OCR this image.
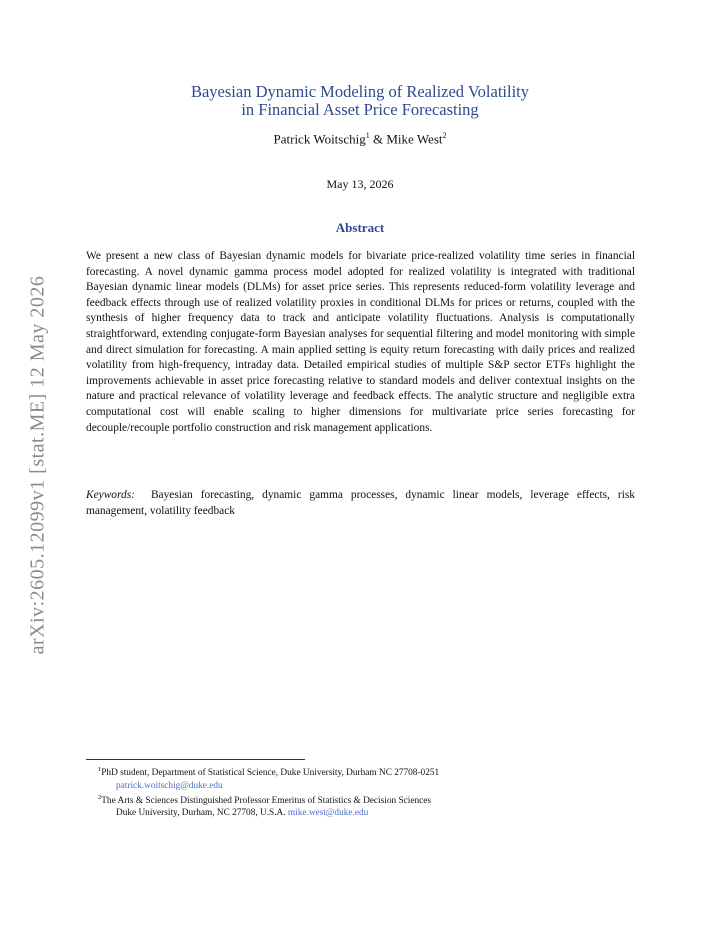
arXiv:2605.12099v1 [stat.ME] 12 May 2026
Bayesian Dynamic Modeling of Realized Volatility
in Financial Asset Price Forecasting
Patrick Woitschig$^1$ & Mike West$^2$
May 13, 2026
Abstract
We present a new class of Bayesian dynamic models for bivariate price-realized volatility time series in financial forecasting. A novel dynamic gamma process model adopted for realized volatility is integrated with traditional Bayesian dynamic linear models (DLMs) for asset price series. This represents reduced-form volatility leverage and feedback effects through use of realized volatility proxies in conditional DLMs for prices or returns, coupled with the synthesis of higher frequency data to track and anticipate volatility fluctuations. Analysis is computationally straightforward, extending conjugate-form Bayesian analyses for sequential filtering and model monitoring with simple and direct simulation for forecasting. A main applied setting is equity return forecasting with daily prices and realized volatility from high-frequency, intraday data. Detailed empirical studies of multiple S&P sector ETFs highlight the improvements achievable in asset price forecasting relative to standard models and deliver contextual insights on the nature and practical relevance of volatility leverage and feedback effects. The analytic structure and negligible extra computational cost will enable scaling to higher dimensions for multivariate price series forecasting for decouple/recouple portfolio construction and risk management applications.
Keywords: Bayesian forecasting, dynamic gamma processes, dynamic linear models, leverage effects, risk management, volatility feedback
$^1$PhD student, Department of Statistical Science, Duke University, Durham NC 27708-0251
patrick.woitschig@duke.edu
$^2$The Arts & Sciences Distinguished Professor Emeritus of Statistics & Decision Sciences
Duke University, Durham, NC 27708, U.S.A. mike.west@duke.edu
